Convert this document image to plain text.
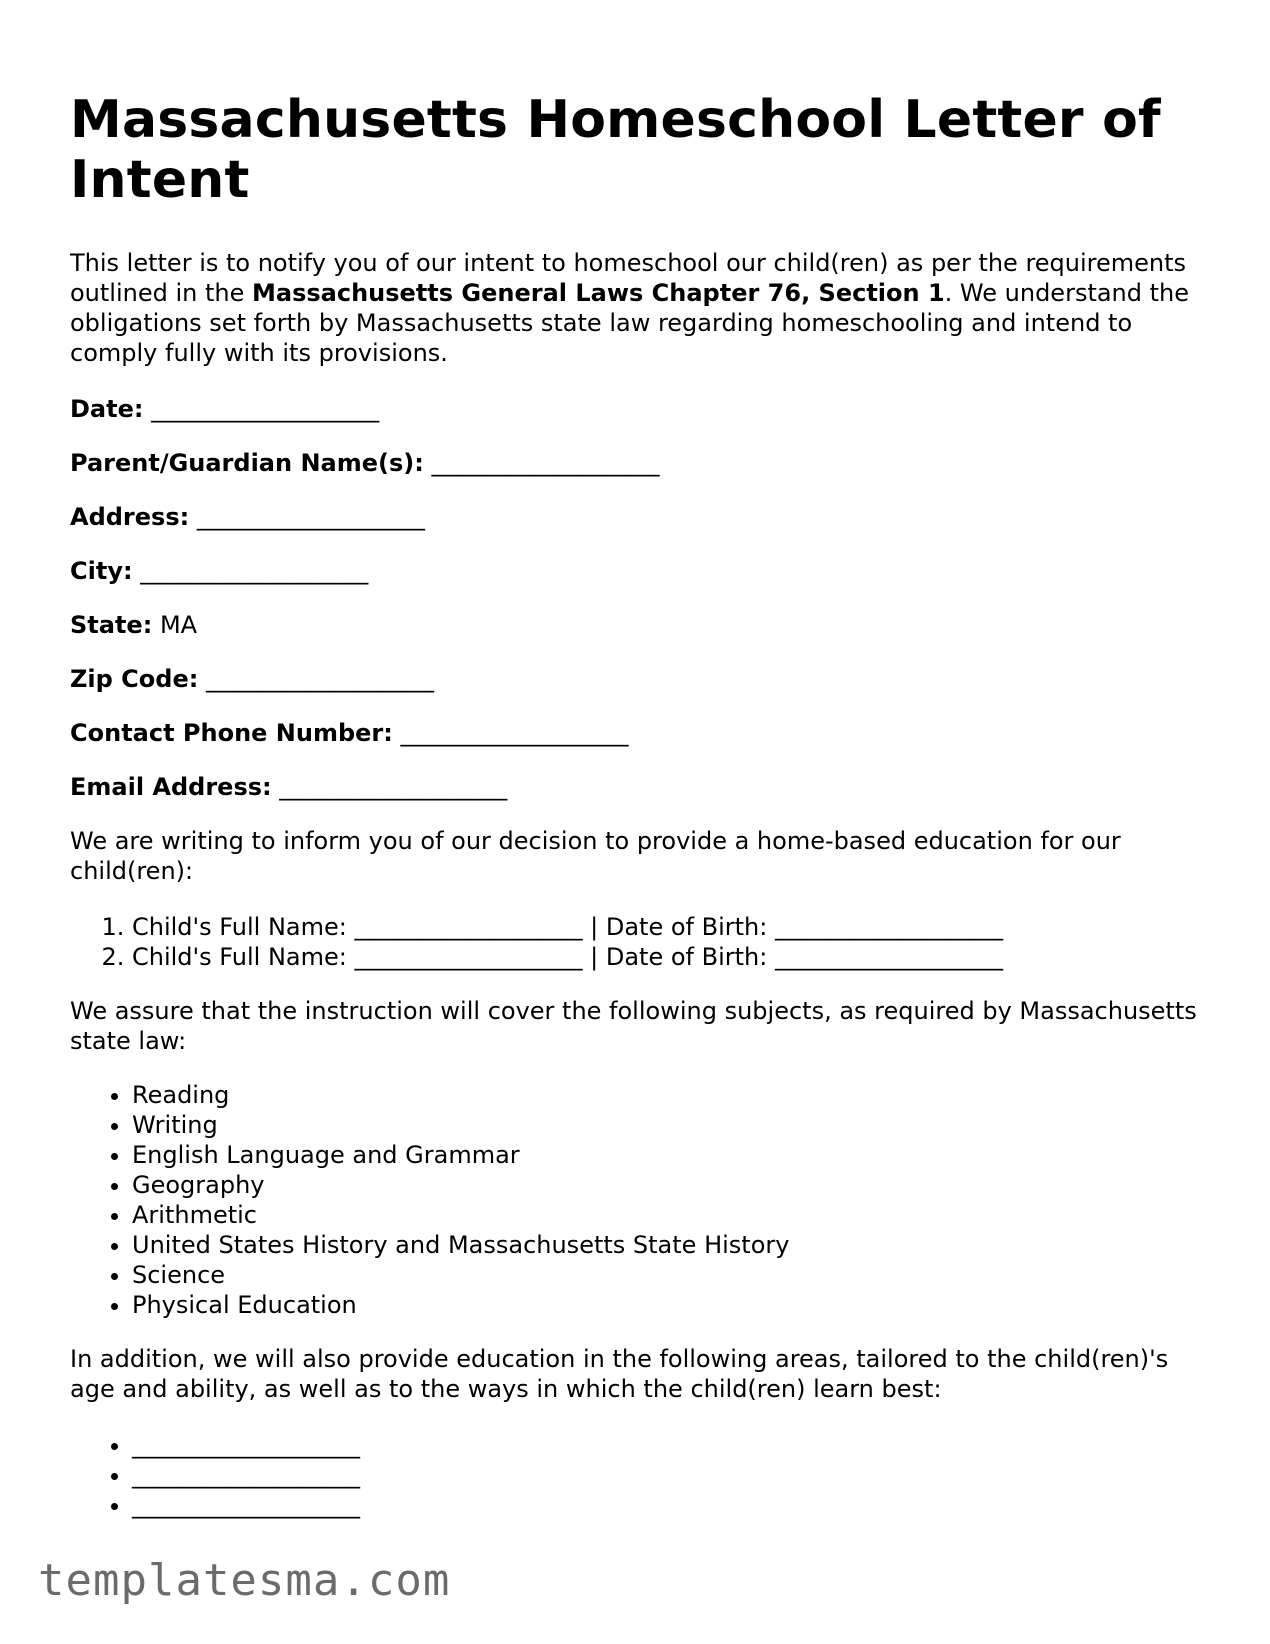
Massachusetts Homeschool Letter of Intent

This letter is to notify you of our intent to homeschool our child(ren) as per the requirements outlined in the Massachusetts General Laws Chapter 76, Section 1. We understand the obligations set forth by Massachusetts state law regarding homeschooling and intend to comply fully with its provisions.

Date: ___________________
Parent/Guardian Name(s): ___________________
Address: ___________________
City: ___________________
State: MA
Zip Code: ___________________
Contact Phone Number: ___________________
Email Address: ___________________

We are writing to inform you of our decision to provide a home-based education for our child(ren):

1. Child's Full Name: ___________________ | Date of Birth: ___________________
2. Child's Full Name: ___________________ | Date of Birth: ___________________

We assure that the instruction will cover the following subjects, as required by Massachusetts state law:

• Reading
• Writing
• English Language and Grammar
• Geography
• Arithmetic
• United States History and Massachusetts State History
• Science
• Physical Education

In addition, we will also provide education in the following areas, tailored to the child(ren)'s age and ability, as well as to the ways in which the child(ren) learn best:

• ___________________
• ___________________
• ___________________
templatesma.com
